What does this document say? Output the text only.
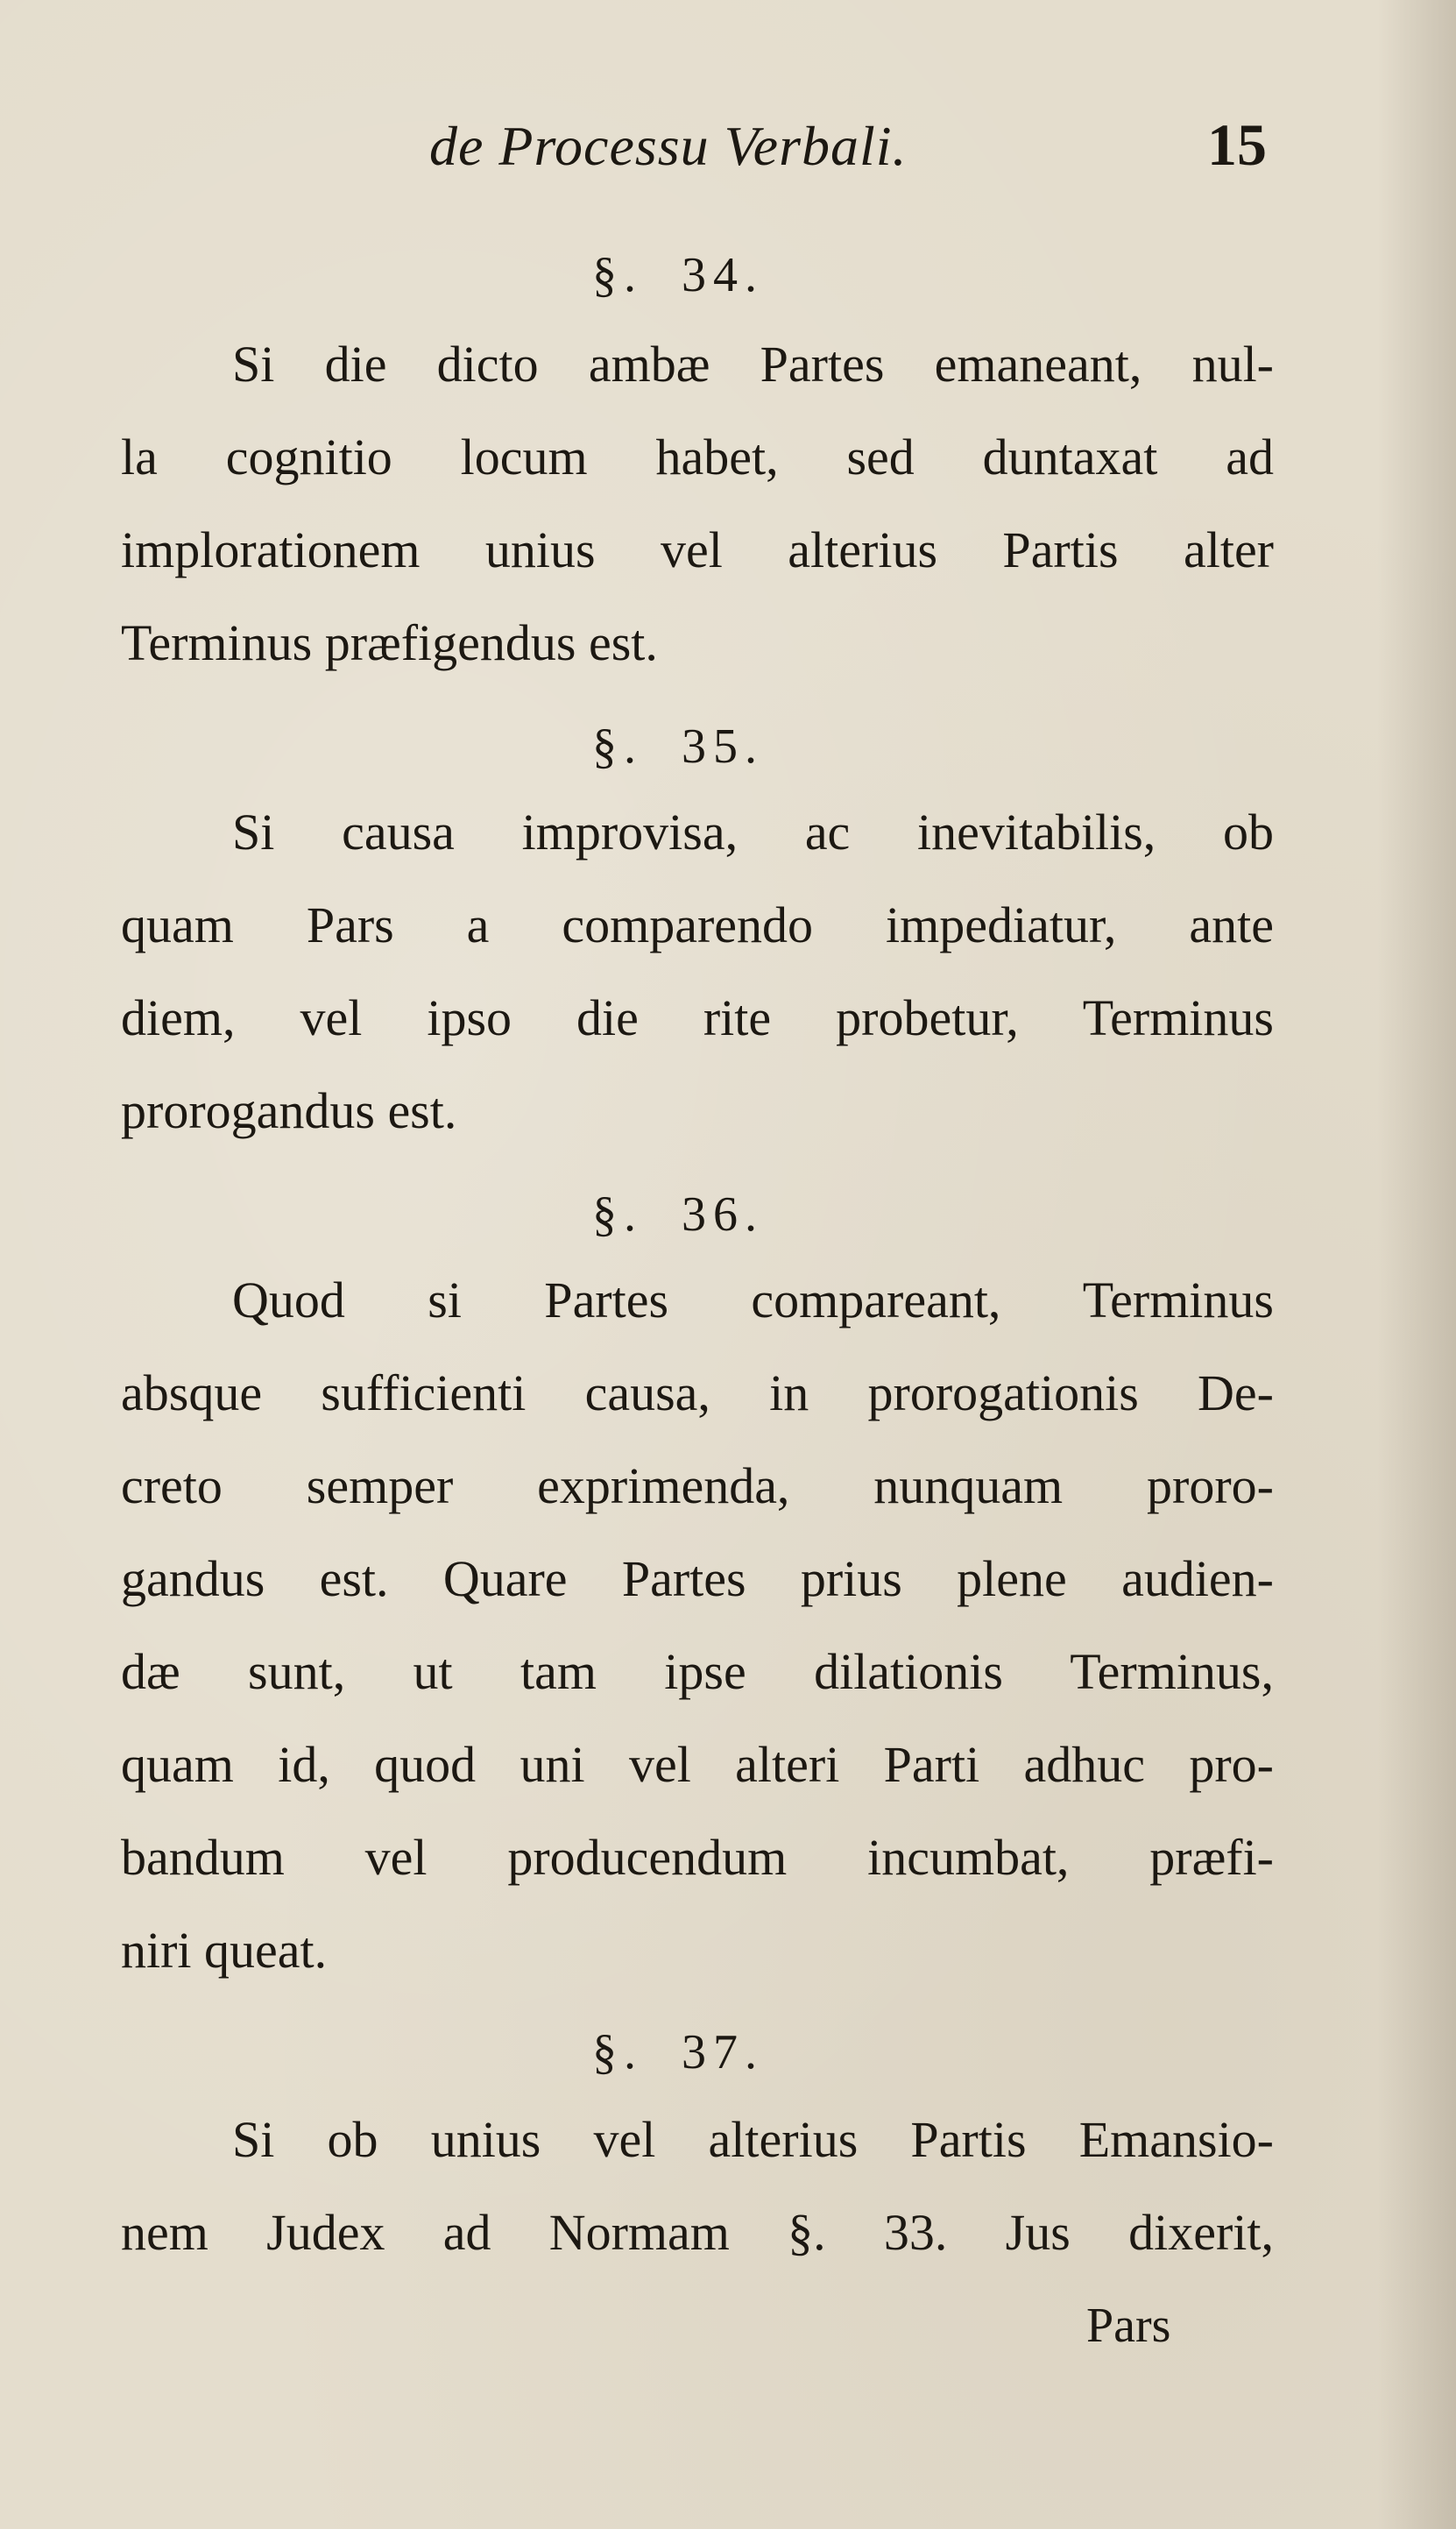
de Processu Verbali.	15
§. 34.
Si die dicto ambæ Partes emaneant, nul-
la cognitio locum habet, sed duntaxat ad
implorationem unius vel alterius Partis alter
Terminus præfigendus est.
§. 35.
Si causa improvisa, ac inevitabilis, ob
quam Pars a comparendo impediatur, ante
diem, vel ipso die rite probetur, Terminus
prorogandus est.
§. 36.
Quod si Partes compareant, Terminus
absque sufficienti causa, in prorogationis De-
creto semper exprimenda, nunquam proro-
gandus est. Quare Partes prius plene audien-
dæ sunt, ut tam ipse dilationis Terminus,
quam id, quod uni vel alteri Parti adhuc pro-
bandum vel producendum incumbat, præfi-
niri queat.
§. 37.
Si ob unius vel alterius Partis Emansio-
nem Judex ad Normam §. 33. Jus dixerit,
Pars
